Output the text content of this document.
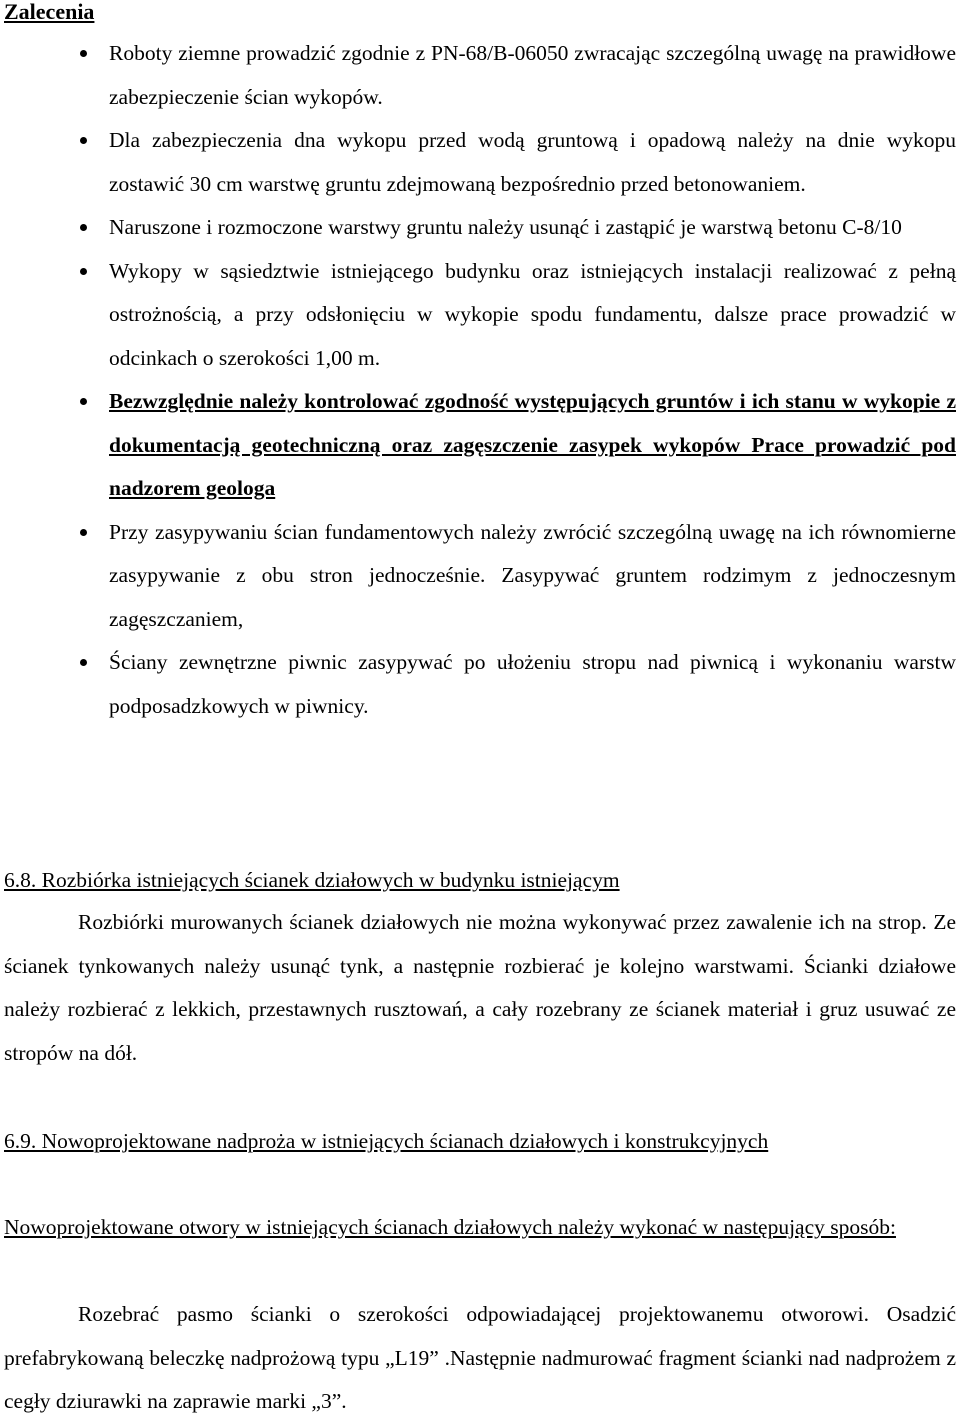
Zalecenia

Roboty ziemne prowadzić zgodnie z PN-68/B-06050 zwracając szczególną uwagę na prawidłowe zabezpieczenie ścian wykopów.
Dla zabezpieczenia dna wykopu przed wodą gruntową i opadową należy na dnie wykopu zostawić 30 cm warstwę gruntu zdejmowaną bezpośrednio przed betonowaniem.
Naruszone i rozmoczone warstwy gruntu należy usunąć i zastąpić je warstwą betonu C-8/10
Wykopy w sąsiedztwie istniejącego budynku oraz istniejących instalacji realizować z pełną ostrożnością, a przy odsłonięciu w wykopie spodu fundamentu, dalsze prace prowadzić w odcinkach o szerokości 1,00 m.
Bezwzględnie należy kontrolować zgodność występujących gruntów i ich stanu w wykopie z dokumentacją geotechniczną oraz zagęszczenie zasypek wykopów Prace prowadzić pod nadzorem geologa
Przy zasypywaniu ścian fundamentowych należy zwrócić szczególną uwagę na ich równomierne zasypywanie z obu stron jednocześnie. Zasypywać gruntem rodzimym z jednoczesnym zagęszczaniem,
Ściany zewnętrzne piwnic zasypywać po ułożeniu stropu nad piwnicą i wykonaniu warstw podposadzkowych w piwnicy.

6.8. Rozbiórka istniejących ścianek działowych w budynku istniejącym

Rozbiórki murowanych ścianek działowych nie można wykonywać przez zawalenie ich na strop. Ze ścianek tynkowanych należy usunąć tynk, a następnie rozbierać je kolejno warstwami. Ścianki działowe należy rozbierać z lekkich, przestawnych rusztowań, a cały rozebrany ze ścianek materiał i gruz usuwać ze stropów na dół.

6.9. Nowoprojektowane nadproża w istniejących ścianach działowych i konstrukcyjnych

Nowoprojektowane otwory w istniejących ścianach działowych należy wykonać w następujący sposób:

Rozebrać pasmo ścianki o szerokości odpowiadającej projektowanemu otworowi. Osadzić prefabrykowaną beleczkę nadprożową typu „L19” .Następnie nadmurować fragment ścianki nad nadprożem z cegły dziurawki na zaprawie marki „3”.
